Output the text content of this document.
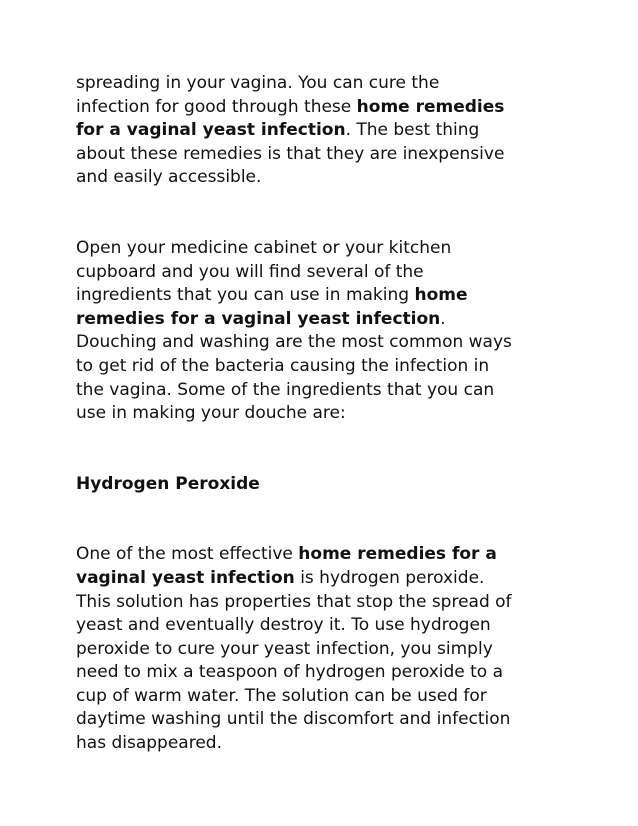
spreading in your vagina. You can cure the
infection for good through these home remedies
for a vaginal yeast infection. The best thing
about these remedies is that they are inexpensive
and easily accessible.

Open your medicine cabinet or your kitchen
cupboard and you will find several of the
ingredients that you can use in making home
remedies for a vaginal yeast infection.
Douching and washing are the most common ways
to get rid of the bacteria causing the infection in
the vagina. Some of the ingredients that you can
use in making your douche are:

Hydrogen Peroxide

One of the most effective home remedies for a
vaginal yeast infection is hydrogen peroxide.
This solution has properties that stop the spread of
yeast and eventually destroy it. To use hydrogen
peroxide to cure your yeast infection, you simply
need to mix a teaspoon of hydrogen peroxide to a
cup of warm water. The solution can be used for
daytime washing until the discomfort and infection
has disappeared.
